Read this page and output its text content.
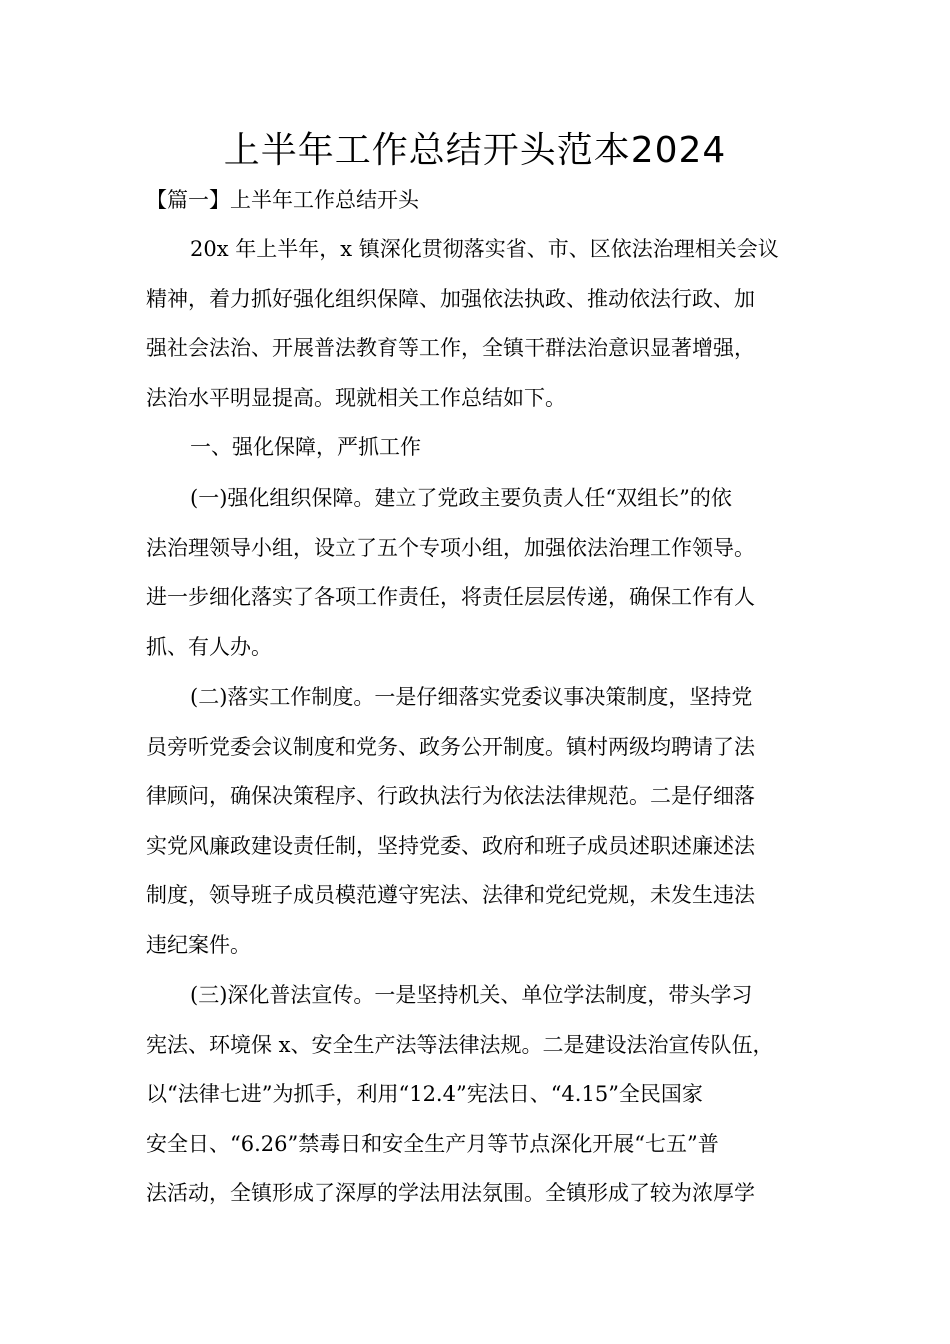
上半年工作总结开头范本2024
【篇一】上半年工作总结开头
20x 年上半年，x 镇深化贯彻落实省、市、区依法治理相关会议
精神，着力抓好强化组织保障、加强依法执政、推动依法行政、加
强社会法治、开展普法教育等工作，全镇干群法治意识显著增强，
法治水平明显提高。现就相关工作总结如下。
一、强化保障，严抓工作
(一)强化组织保障。建立了党政主要负责人任“双组长”的依
法治理领导小组，设立了五个专项小组，加强依法治理工作领导。
进一步细化落实了各项工作责任，将责任层层传递，确保工作有人
抓、有人办。
(二)落实工作制度。一是仔细落实党委议事决策制度，坚持党
员旁听党委会议制度和党务、政务公开制度。镇村两级均聘请了法
律顾问，确保决策程序、行政执法行为依法法律规范。二是仔细落
实党风廉政建设责任制，坚持党委、政府和班子成员述职述廉述法
制度，领导班子成员模范遵守宪法、法律和党纪党规，未发生违法
违纪案件。
(三)深化普法宣传。一是坚持机关、单位学法制度，带头学习
宪法、环境保 x、安全生产法等法律法规。二是建设法治宣传队伍，
以“法律七进”为抓手，利用“12.4”宪法日、“4.15”全民国家
安全日、“6.26”禁毒日和安全生产月等节点深化开展“七五”普
法活动，全镇形成了深厚的学法用法氛围。全镇形成了较为浓厚学
